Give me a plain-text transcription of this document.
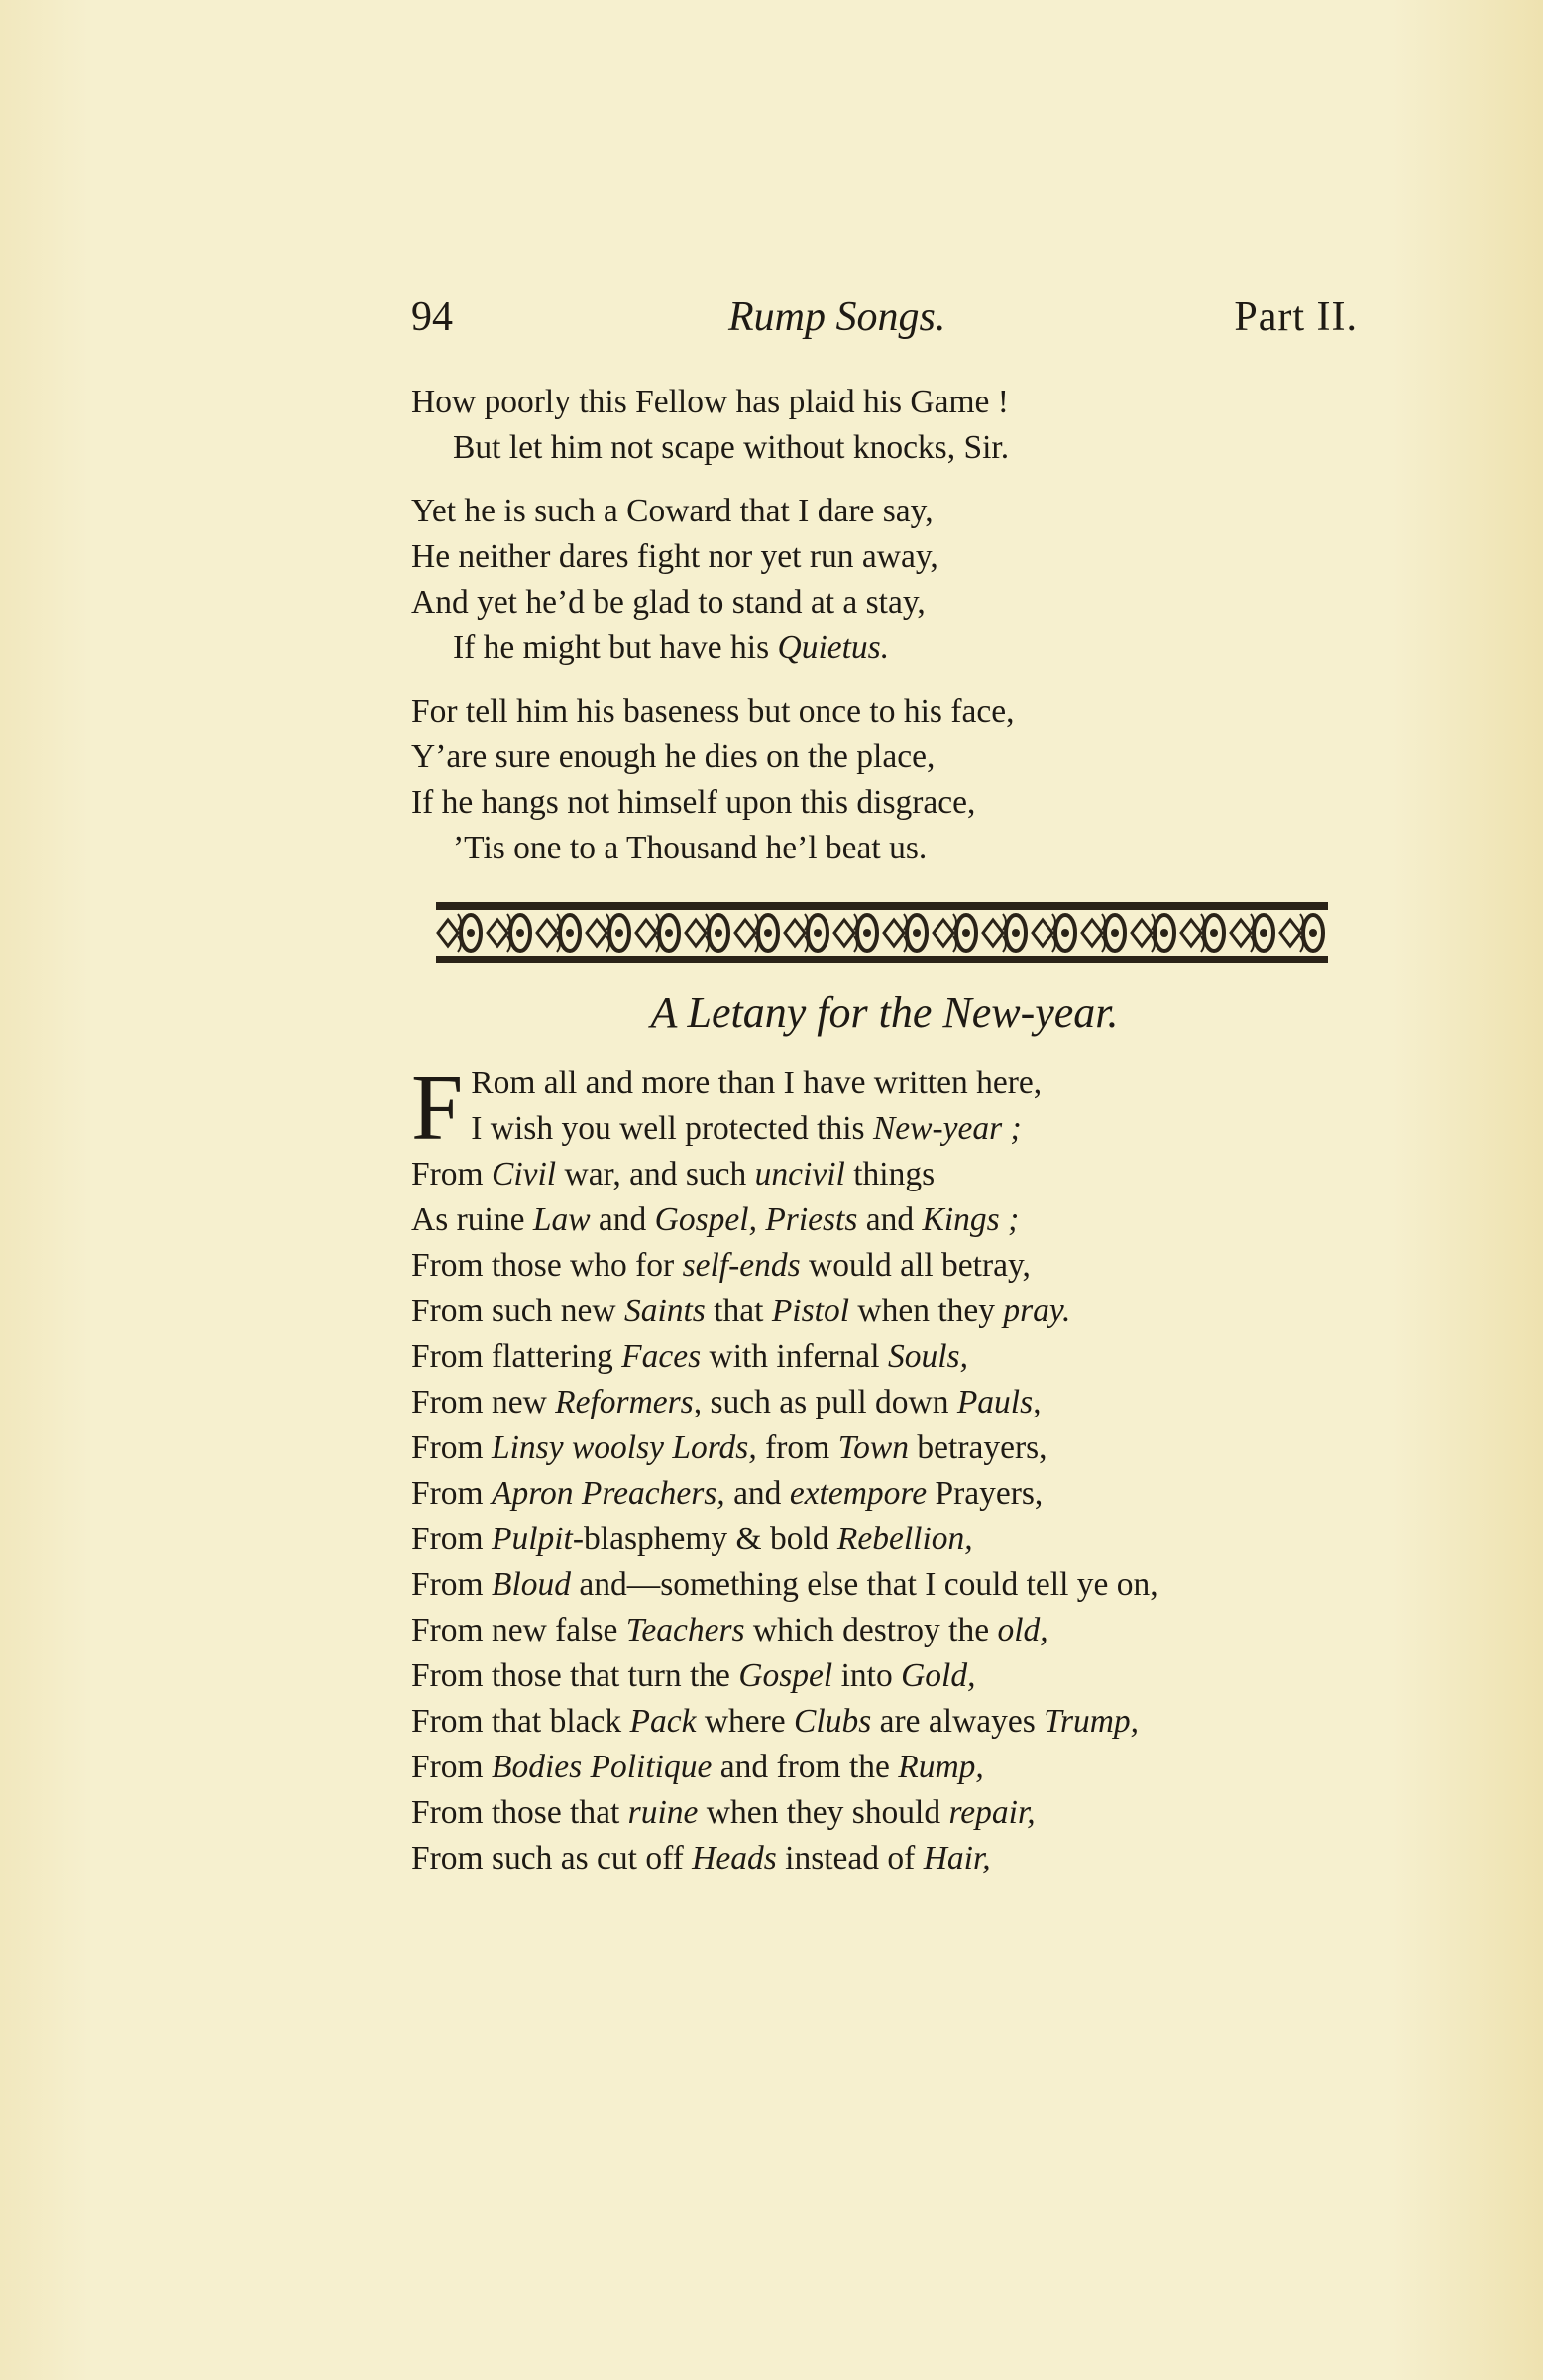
94	Rump Songs.	Part II.
How poorly this Fellow has plaid his Game !
But let him not scape without knocks, Sir.
Yet he is such a Coward that I dare say,
He neither dares fight nor yet run away,
And yet he’d be glad to stand at a stay,
If he might but have his Quietus.
For tell him his baseness but once to his face,
Y’are sure enough he dies on the place,
If he hangs not himself upon this disgrace,
’Tis one to a Thousand he’l beat us.
A Letany for the New-year.
F Rom all and more than I have written here,
I wish you well protected this New-year ;
From Civil war, and such uncivil things
As ruine Law and Gospel, Priests and Kings ;
From those who for self-ends would all betray,
From such new Saints that Pistol when they pray.
From flattering Faces with infernal Souls,
From new Reformers, such as pull down Pauls,
From Linsy woolsy Lords, from Town betrayers,
From Apron Preachers, and extempore Prayers,
From Pulpit-blasphemy & bold Rebellion,
From Bloud and—something else that I could tell ye on,
From new false Teachers which destroy the old,
From those that turn the Gospel into Gold,
From that black Pack where Clubs are alwayes Trump,
From Bodies Politique and from the Rump,
From those that ruine when they should repair,
From such as cut off Heads instead of Hair,
